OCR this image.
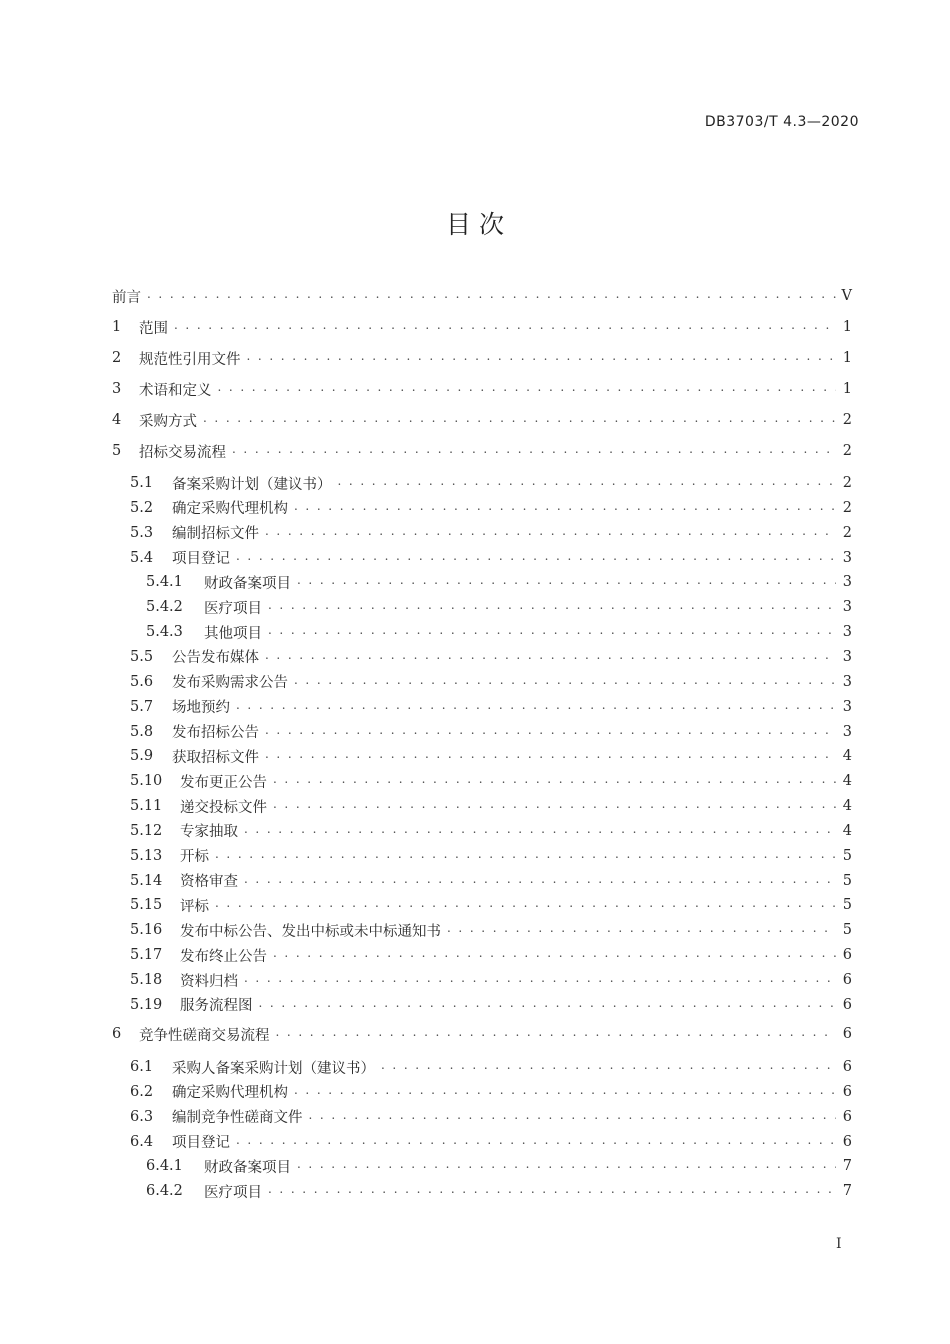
DB3703/T 4.3—2020
目 次
前言 . . .	V
1	范围 . . .	1
2	规范性引用文件 . . .	1
3	术语和定义 . . .	1
4	采购方式 . . .	2
5	招标交易流程 . . .	2
5.1	备案采购计划（建议书） . . .	2
5.2	确定采购代理机构 . . .	2
5.3	编制招标文件 . . .	2
5.4	项目登记 . . .	3
5.4.1	财政备案项目 . . .	3
5.4.2	医疗项目 . . .	3
5.4.3	其他项目 . . .	3
5.5	公告发布媒体 . . .	3
5.6	发布采购需求公告 . . .	3
5.7	场地预约 . . .	3
5.8	发布招标公告 . . .	3
5.9	获取招标文件 . . .	4
5.10	发布更正公告 . . .	4
5.11	递交投标文件 . . .	4
5.12	专家抽取 . . .	4
5.13	开标 . . .	5
5.14	资格审查 . . .	5
5.15	评标 . . .	5
5.16	发布中标公告、发出中标或未中标通知书 . . .	5
5.17	发布终止公告 . . .	6
5.18	资料归档 . . .	6
5.19	服务流程图 . . .	6
6	竞争性磋商交易流程 . . .	6
6.1	采购人备案采购计划（建议书） . . .	6
6.2	确定采购代理机构 . . .	6
6.3	编制竞争性磋商文件 . . .	6
6.4	项目登记 . . .	6
6.4.1	财政备案项目 . . .	7
6.4.2	医疗项目 . . .	7
I
